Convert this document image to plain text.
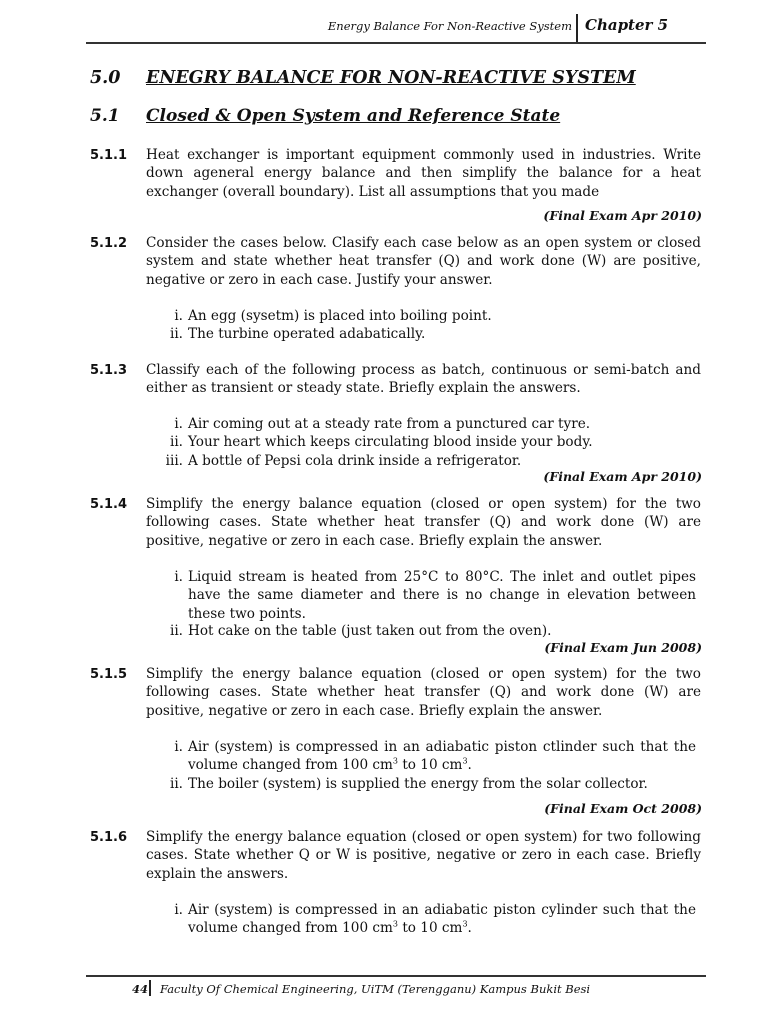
Energy Balance For Non-Reactive System Chapter 5
5.0 ENEGRY BALANCE FOR NON-REACTIVE SYSTEM
5.1 Closed & Open System and Reference State
5.1.1 Heat exchanger is important equipment commonly used in industries. Write down ageneral energy balance and then simplify the balance for a heat exchanger (overall boundary). List all assumptions that you made
(Final Exam Apr 2010)
5.1.2 Consider the cases below. Clasify each case below as an open system or closed system and state whether heat transfer (Q) and work done (W) are positive, negative or zero in each case. Justify your answer.
i. An egg (sysetm) is placed into boiling point.
ii. The turbine operated adabatically.
5.1.3 Classify each of the following process as batch, continuous or semi-batch and either as transient or steady state. Briefly explain the answers.
i. Air coming out at a steady rate from a punctured car tyre.
ii. Your heart which keeps circulating blood inside your body.
iii. A bottle of Pepsi cola drink inside a refrigerator.
(Final Exam Apr 2010)
5.1.4 Simplify the energy balance equation (closed or open system) for the two following cases. State whether heat transfer (Q) and work done (W) are positive, negative or zero in each case. Briefly explain the answer.
i. Liquid stream is heated from 25°C to 80°C. The inlet and outlet pipes have the same diameter and there is no change in elevation between these two points.
ii. Hot cake on the table (just taken out from the oven).
(Final Exam Jun 2008)
5.1.5 Simplify the energy balance equation (closed or open system) for the two following cases. State whether heat transfer (Q) and work done (W) are positive, negative or zero in each case. Briefly explain the answer.
i. Air (system) is compressed in an adiabatic piston ctlinder such that the volume changed from 100 $cm^3$ to 10 $cm^3$.
ii. The boiler (system) is supplied the energy from the solar collector.
(Final Exam Oct 2008)
5.1.6 Simplify the energy balance equation (closed or open system) for two following cases. State whether Q or W is positive, negative or zero in each case. Briefly explain the answers.
i. Air (system) is compressed in an adiabatic piston cylinder such that the volume changed from 100 $cm^3$ to 10 $cm^3$.
44 Faculty Of Chemical Engineering, UiTM (Terengganu) Kampus Bukit Besi
